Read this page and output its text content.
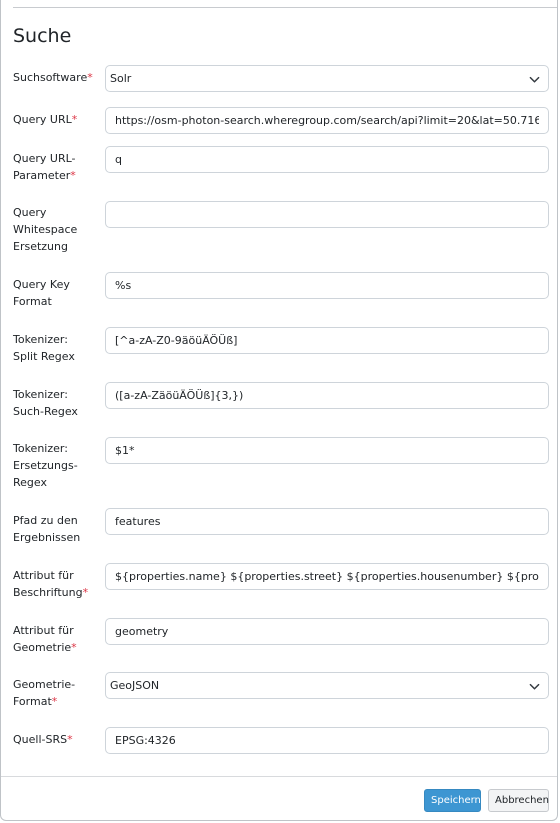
Suche
Suchsoftware*	Solr
Query URL*
https://osm-photon-search.wheregroup.com/search/api?limit=20&lat=50.7163&lon=7.1192&lang=de
Query URL-
Parameter*
q
Query
Whitespace
Ersetzung
Query Key
Format
%s
Tokenizer:
Split Regex
[^a-zA-Z0-9äöüÄÖÜß]
Tokenizer:
Such-Regex
([a-zA-ZäöüÄÖÜß]{3,})
Tokenizer:
Ersetzungs-
Regex
$1*
Pfad zu den
Ergebnissen
features
Attribut für
Beschriftung*
${properties.name} ${properties.street} ${properties.housenumber} ${properties.city}
Attribut für
Geometrie*
geometry
Geometrie-
Format*
GeoJSON
Quell-SRS*
EPSG:4326
Speichern	Abbrechen
